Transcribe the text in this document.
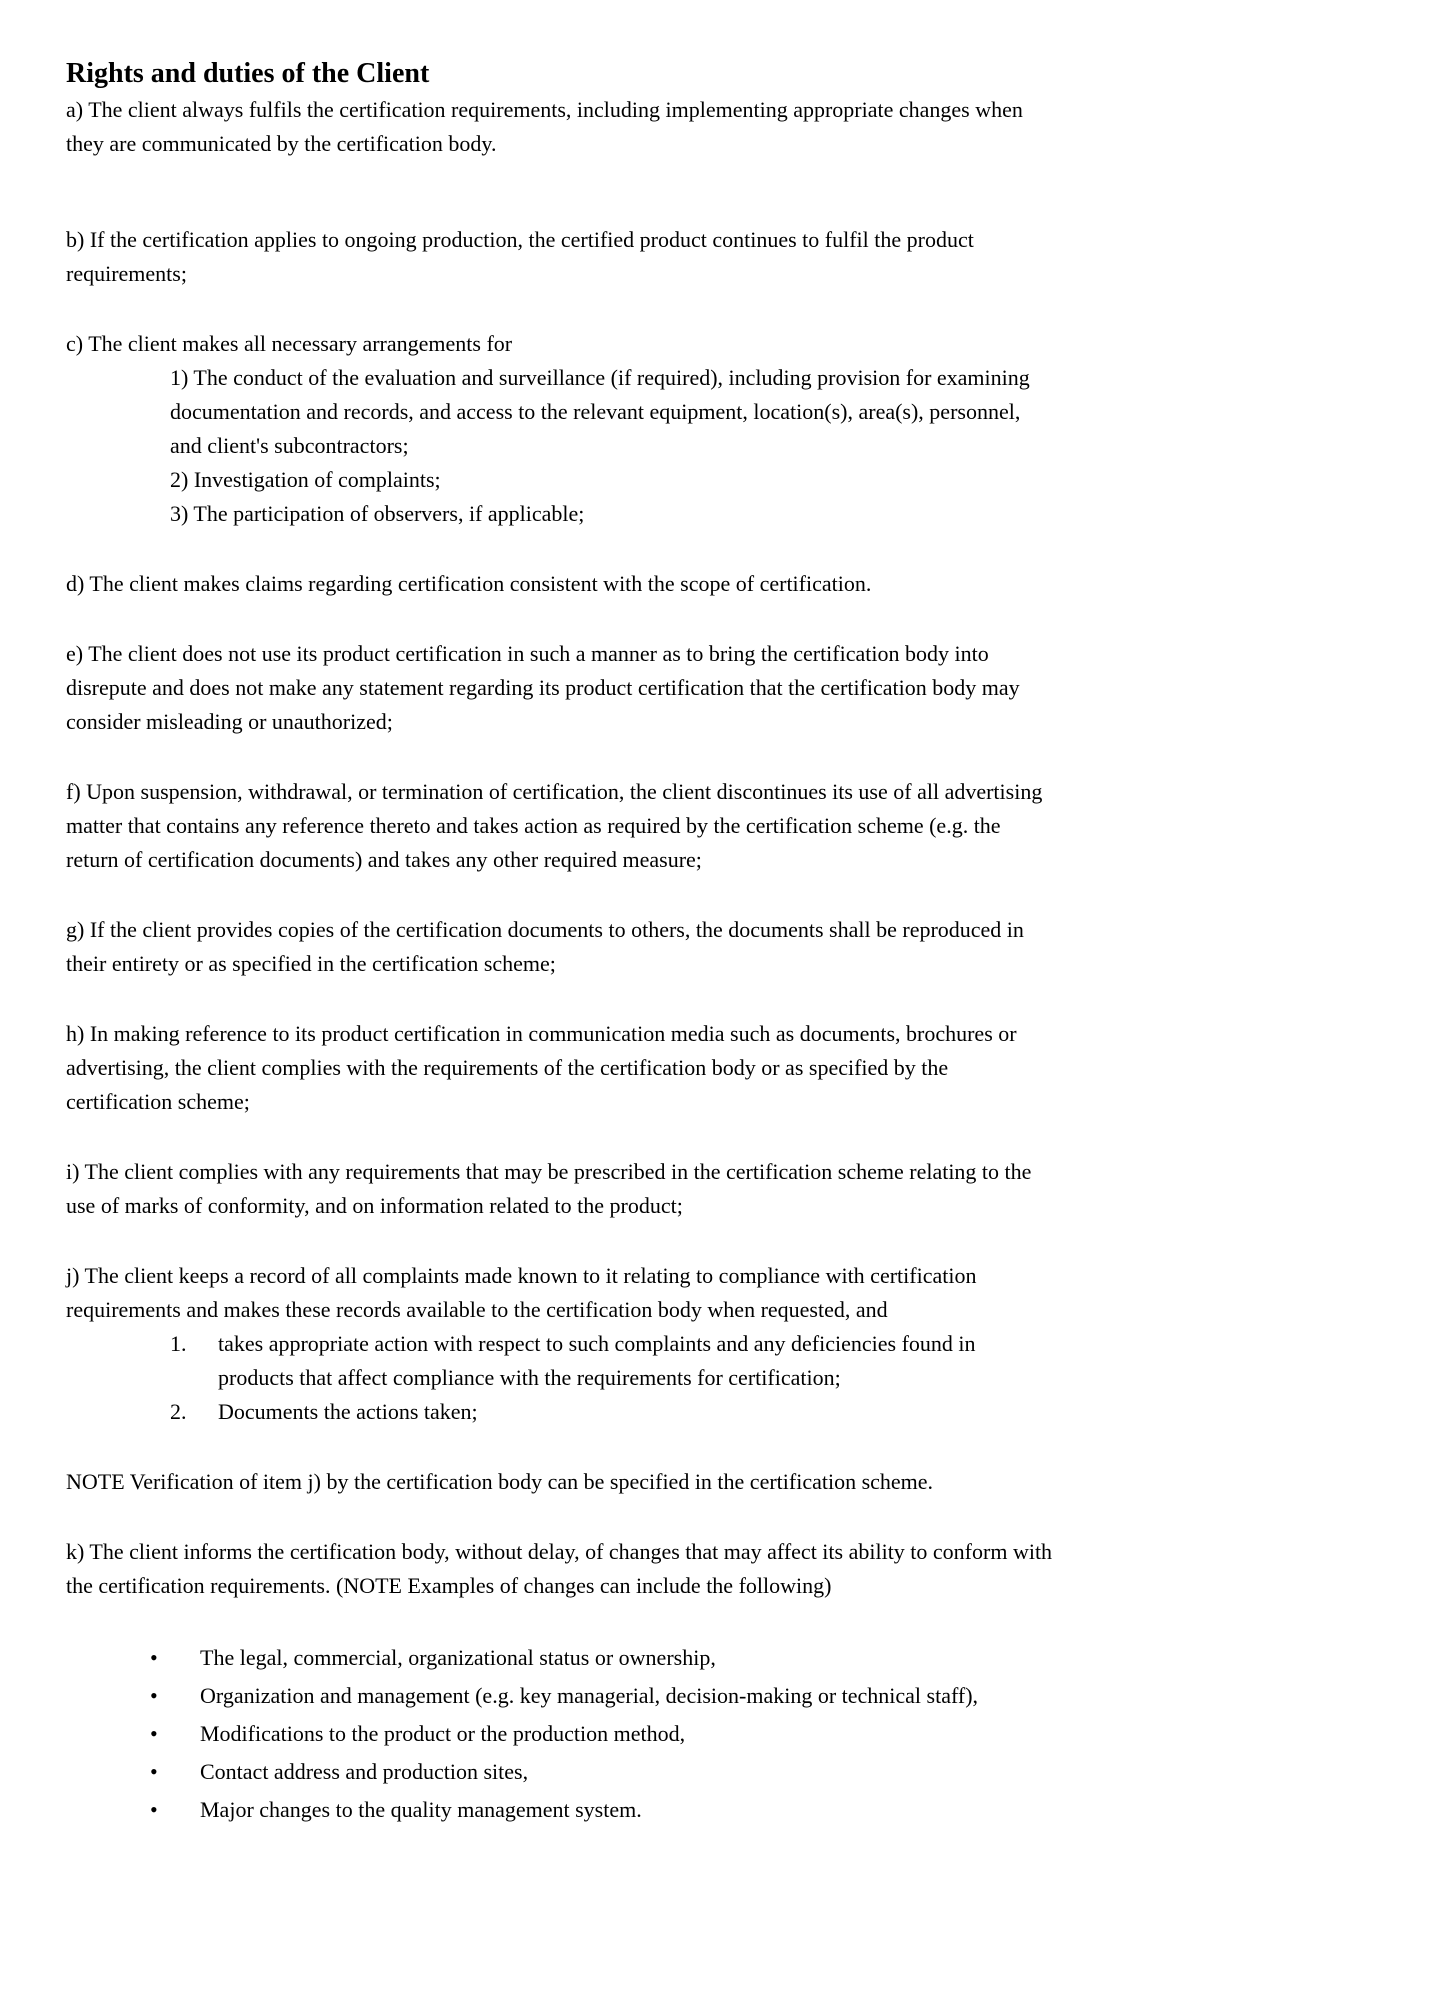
Rights and duties of the Client

a) The client always fulfils the certification requirements, including implementing appropriate changes when they are communicated by the certification body.

b) If the certification applies to ongoing production, the certified product continues to fulfil the product requirements;

c) The client makes all necessary arrangements for

1) The conduct of the evaluation and surveillance (if required), including provision for examining documentation and records, and access to the relevant equipment, location(s), area(s), personnel, and client's subcontractors;
2) Investigation of complaints;
3) The participation of observers, if applicable;

d) The client makes claims regarding certification consistent with the scope of certification.

e) The client does not use its product certification in such a manner as to bring the certification body into disrepute and does not make any statement regarding its product certification that the certification body may consider misleading or unauthorized;

f) Upon suspension, withdrawal, or termination of certification, the client discontinues its use of all advertising matter that contains any reference thereto and takes action as required by the certification scheme (e.g. the return of certification documents) and takes any other required measure;

g) If the client provides copies of the certification documents to others, the documents shall be reproduced in their entirety or as specified in the certification scheme;

h) In making reference to its product certification in communication media such as documents, brochures or advertising, the client complies with the requirements of the certification body or as specified by the certification scheme;

i) The client complies with any requirements that may be prescribed in the certification scheme relating to the use of marks of conformity, and on information related to the product;

j) The client keeps a record of all complaints made known to it relating to compliance with certification requirements and makes these records available to the certification body when requested, and

1.	takes appropriate action with respect to such complaints and any deficiencies found in products that affect compliance with the requirements for certification;
2.	Documents the actions taken;

NOTE Verification of item j) by the certification body can be specified in the certification scheme.

k) The client informs the certification body, without delay, of changes that may affect its ability to conform with the certification requirements. (NOTE Examples of changes can include the following)

•	The legal, commercial, organizational status or ownership,
•	Organization and management (e.g. key managerial, decision-making or technical staff),
•	Modifications to the product or the production method,
•	Contact address and production sites,
•	Major changes to the quality management system.
